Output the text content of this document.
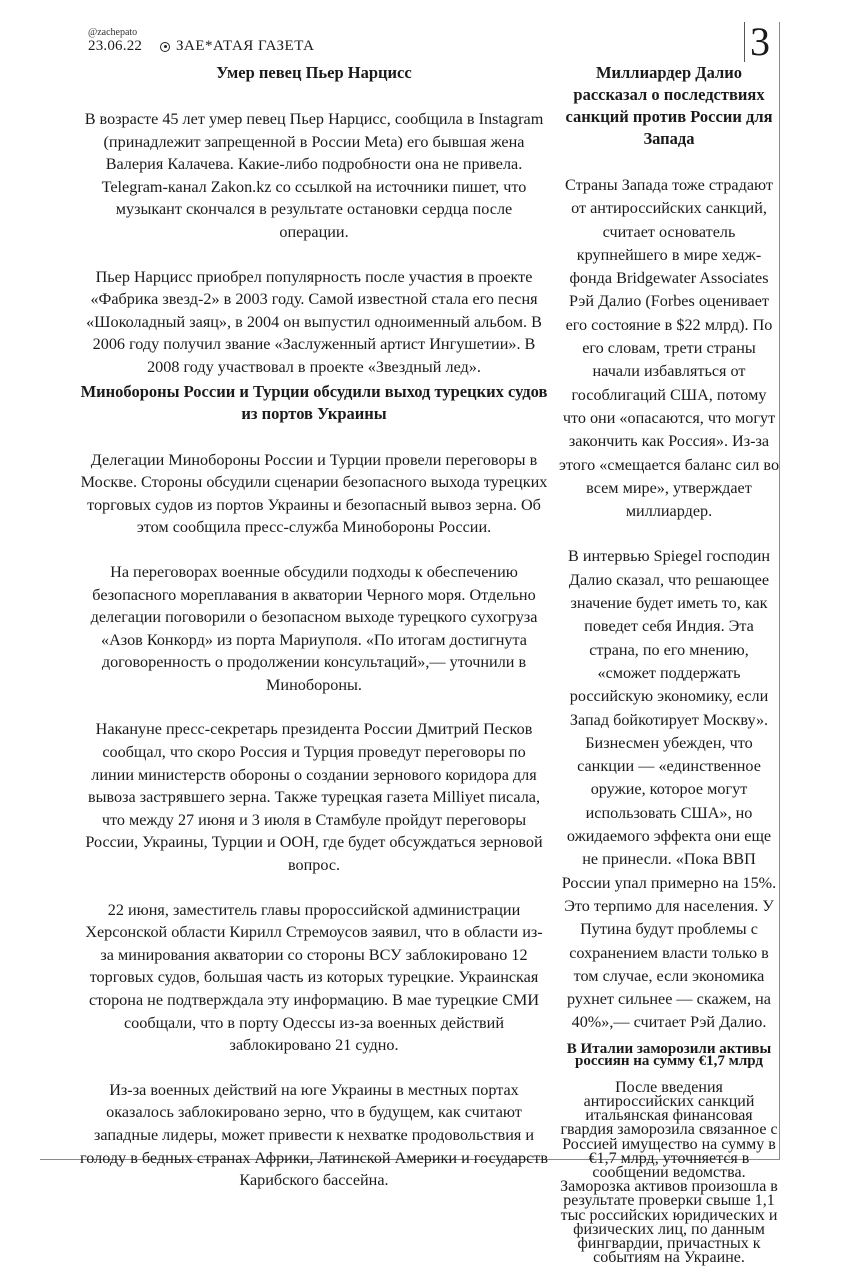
@zachepato
23.06.22 ЗАЕ*АТАЯ ГАЗЕТА	3

Умер певец Пьер Нарцисс

В возрасте 45 лет умер певец Пьер Нарцисс, сообщила в Instagram (принадлежит запрещенной в России Meta) его бывшая жена Валерия Калачева. Какие-либо подробности она не привела. Telegram-канал Zakon.kz со ссылкой на источники пишет, что музыкант скончался в результате остановки сердца после операции.

Пьер Нарцисс приобрел популярность после участия в проекте «Фабрика звезд-2» в 2003 году. Самой известной стала его песня «Шоколадный заяц», в 2004 он выпустил одноименный альбом. В 2006 году получил звание «Заслуженный артист Ингушетии». В 2008 году участвовал в проекте «Звездный лед».

Минобороны России и Турции обсудили выход турецких судов из портов Украины

Делегации Минобороны России и Турции провели переговоры в Москве. Стороны обсудили сценарии безопасного выхода турецких торговых судов из портов Украины и безопасный вывоз зерна. Об этом сообщила пресс-служба Минобороны России.

На переговорах военные обсудили подходы к обеспечению безопасного мореплавания в акватории Черного моря. Отдельно делегации поговорили о безопасном выходе турецкого сухогруза «Азов Конкорд» из порта Мариуполя. «По итогам достигнута договоренность о продолжении консультаций»,— уточнили в Минобороны.

Накануне пресс-секретарь президента России Дмитрий Песков сообщал, что скоро Россия и Турция проведут переговоры по линии министерств обороны о создании зернового коридора для вывоза застрявшего зерна. Также турецкая газета Milliyet писала, что между 27 июня и 3 июля в Стамбуле пройдут переговоры России, Украины, Турции и ООН, где будет обсуждаться зерновой вопрос.

22 июня, заместитель главы пророссийской администрации Херсонской области Кирилл Стремоусов заявил, что в области из-за минирования акватории со стороны ВСУ заблокировано 12 торговых судов, большая часть из которых турецкие. Украинская сторона не подтверждала эту информацию. В мае турецкие СМИ сообщали, что в порту Одессы из-за военных действий заблокировано 21 судно.

Из-за военных действий на юге Украины в местных портах оказалось заблокировано зерно, что в будущем, как считают западные лидеры, может привести к нехватке продовольствия и голоду в бедных странах Африки, Латинской Америки и государств Карибского бассейна.

Миллиардер Далио рассказал о последствиях санкций против России для Запада

Страны Запада тоже страдают от антироссийских санкций, считает основатель крупнейшего в мире хедж-фонда Bridgewater Associates Рэй Далио (Forbes оценивает его состояние в $22 млрд). По его словам, трети страны начали избавляться от гособлигаций США, потому что они «опасаются, что могут закончить как Россия». Из-за этого «смещается баланс сил во всем мире», утверждает миллиардер.

В интервью Spiegel господин Далио сказал, что решающее значение будет иметь то, как поведет себя Индия. Эта страна, по его мнению, «сможет поддержать российскую экономику, если Запад бойкотирует Москву». Бизнесмен убежден, что санкции — «единственное оружие, которое могут использовать США», но ожидаемого эффекта они еще не принесли. «Пока ВВП России упал примерно на 15%. Это терпимо для населения. У Путина будут проблемы с сохранением власти только в том случае, если экономика рухнет сильнее — скажем, на 40%»,— считает Рэй Далио.

В Италии заморозили активы россиян на сумму €1,7 млрд

После введения антироссийских санкций итальянская финансовая гвардия заморозила связанное с Россией имущество на сумму в €1,7 млрд, уточняется в сообщении ведомства. Заморозка активов произошла в результате проверки свыше 1,1 тыс российских юридических и физических лиц, по данным фингвардии, причастных к событиям на Украине.
